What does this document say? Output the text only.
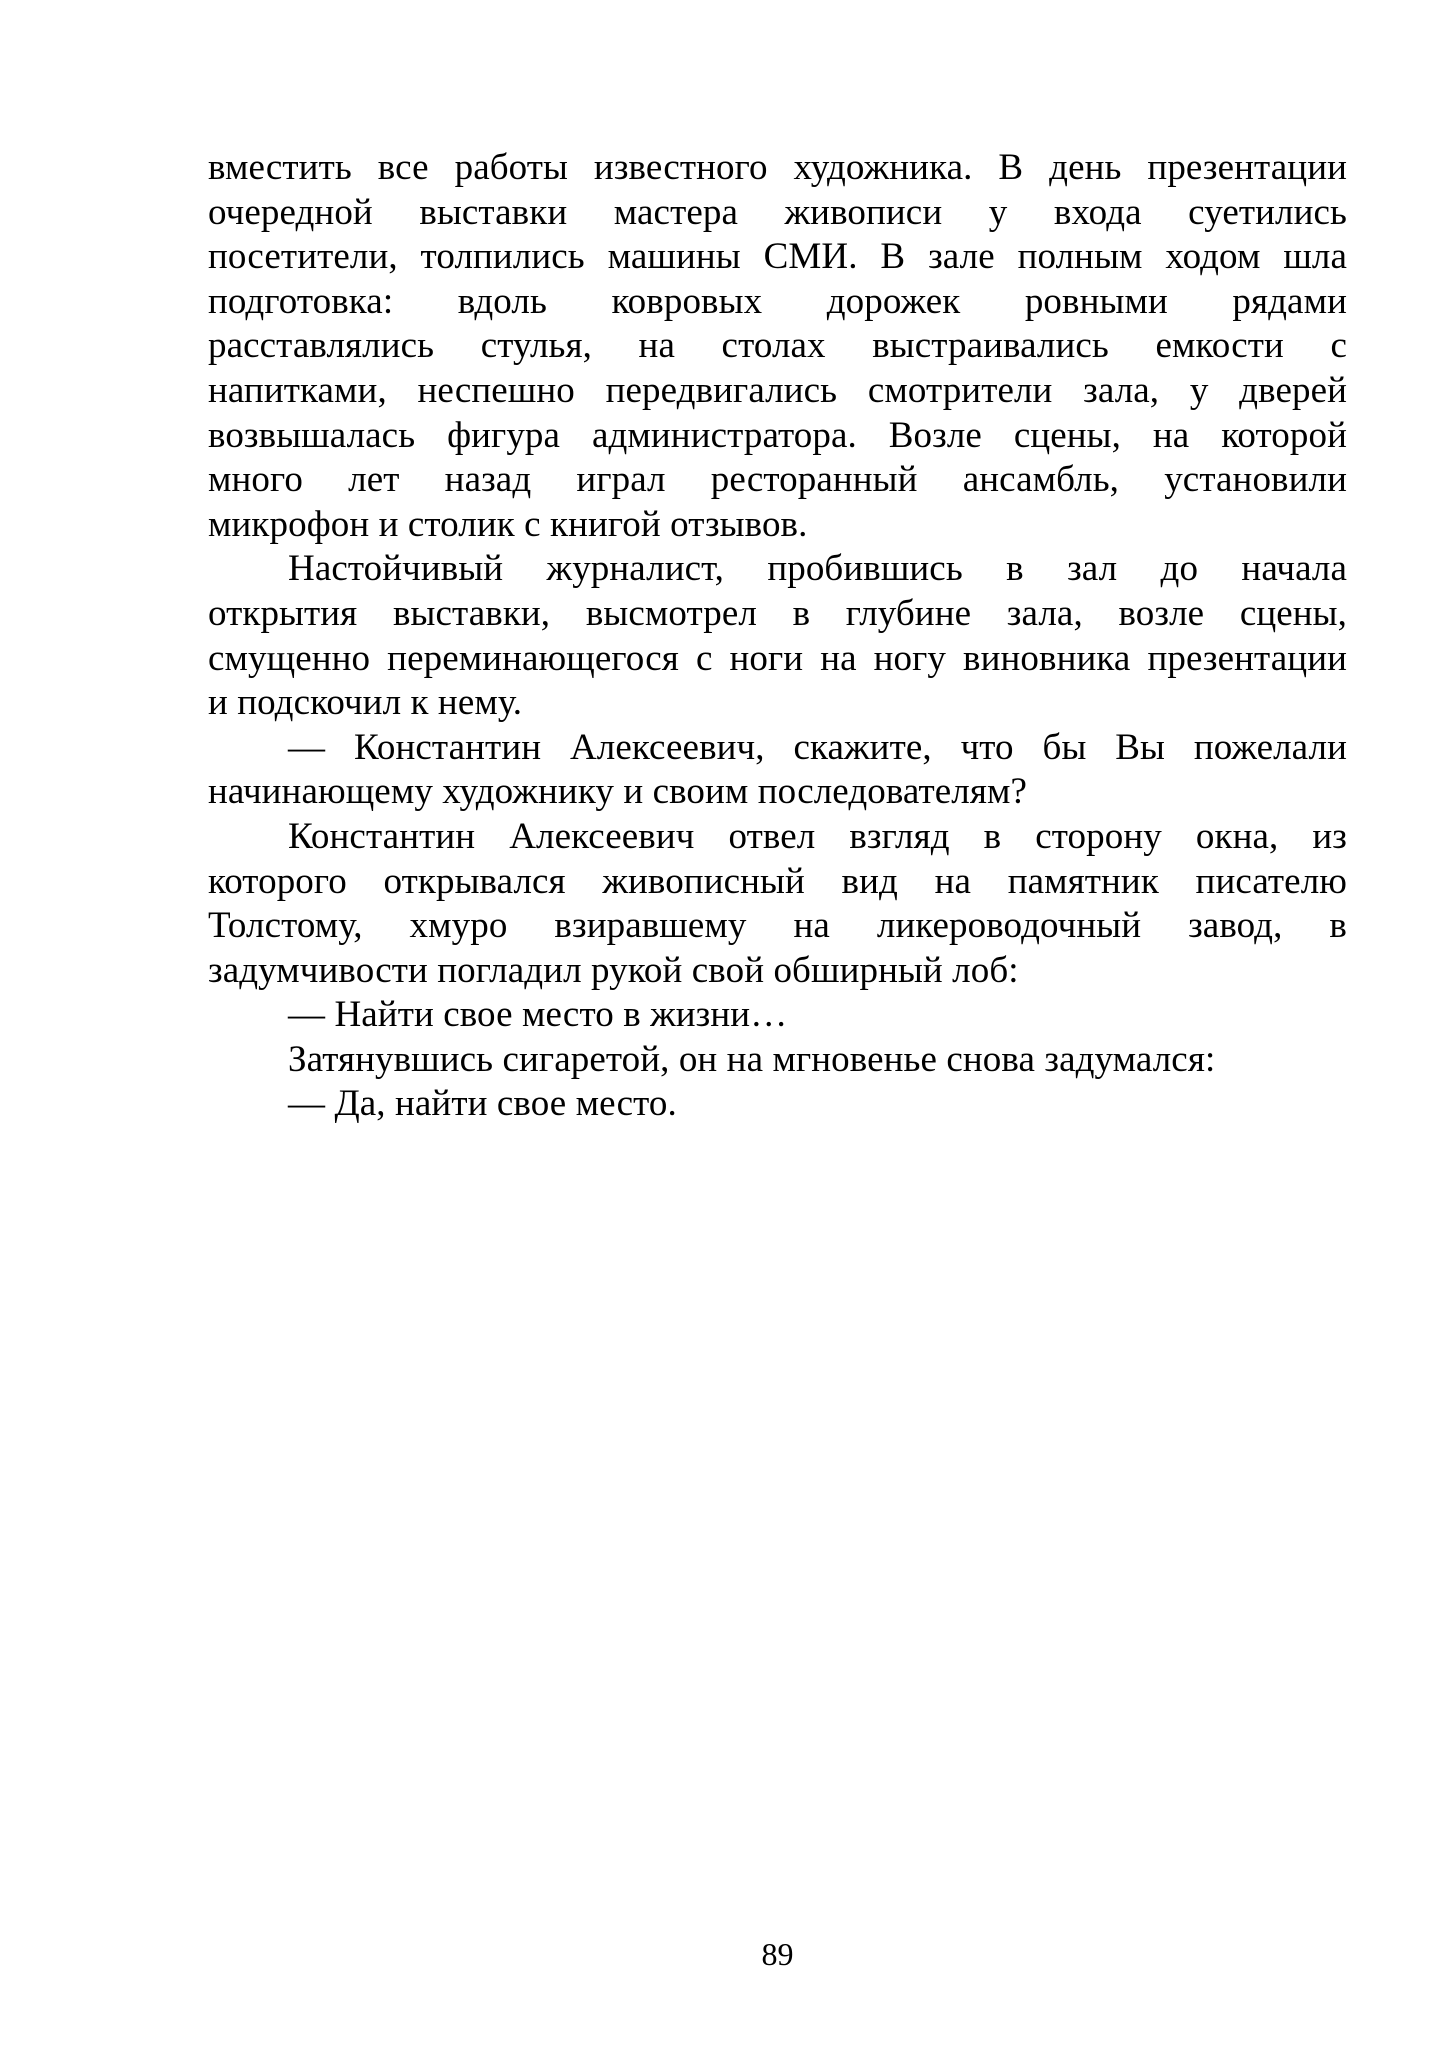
вместить все работы известного художника. В день презентации
очередной выставки мастера живописи у входа суетились
посетители, толпились машины СМИ. В зале полным ходом шла
подготовка: вдоль ковровых дорожек ровными рядами
расставлялись стулья, на столах выстраивались емкости с
напитками, неспешно передвигались смотрители зала, у дверей
возвышалась фигура администратора. Возле сцены, на которой
много лет назад играл ресторанный ансамбль, установили
микрофон и столик с книгой отзывов.
Настойчивый журналист, пробившись в зал до начала
открытия выставки, высмотрел в глубине зала, возле сцены,
смущенно переминающегося с ноги на ногу виновника презентации
и подскочил к нему.
— Константин Алексеевич, скажите, что бы Вы пожелали
начинающему художнику и своим последователям?
Константин Алексеевич отвел взгляд в сторону окна, из
которого открывался живописный вид на памятник писателю
Толстому, хмуро взиравшему на ликероводочный завод, в
задумчивости погладил рукой свой обширный лоб:
— Найти свое место в жизни…
Затянувшись сигаретой, он на мгновенье снова задумался:
— Да, найти свое место.
89
